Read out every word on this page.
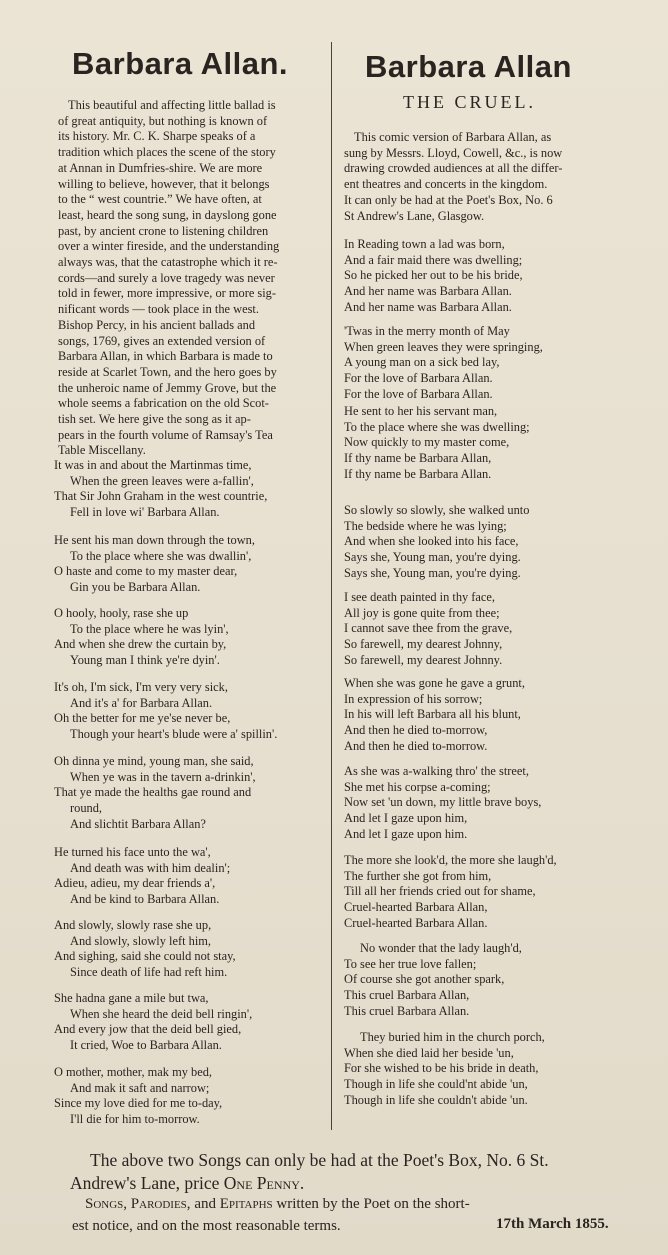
Barbara Allan.
This beautiful and affecting little ballad is
of great antiquity, but nothing is known of
its history. Mr. C. K. Sharpe speaks of a
tradition which places the scene of the story
at Annan in Dumfries-shire. We are more
willing to believe, however, that it belongs
to the “ west countrie.” We have often, at
least, heard the song sung, in dayslong gone
past, by ancient crone to listening children
over a winter fireside, and the understanding
always was, that the catastrophe which it re-
cords—and surely a love tragedy was never
told in fewer, more impressive, or more sig-
nificant words — took place in the west.
Bishop Percy, in his ancient ballads and
songs, 1769, gives an extended version of
Barbara Allan, in which Barbara is made to
reside at Scarlet Town, and the hero goes by
the unheroic name of Jemmy Grove, but the
whole seems a fabrication on the old Scot-
tish set. We here give the song as it ap-
pears in the fourth volume of Ramsay's Tea
Table Miscellany.
It was in and about the Martinmas time,
When the green leaves were a-fallin',
That Sir John Graham in the west countrie,
Fell in love wi' Barbara Allan.
He sent his man down through the town,
To the place where she was dwallin',
O haste and come to my master dear,
Gin you be Barbara Allan.
O hooly, hooly, rase she up
To the place where he was lyin',
And when she drew the curtain by,
Young man I think ye're dyin'.
It's oh, I'm sick, I'm very very sick,
And it's a' for Barbara Allan.
Oh the better for me ye'se never be,
Though your heart's blude were a' spillin'.
Oh dinna ye mind, young man, she said,
When ye was in the tavern a-drinkin',
That ye made the healths gae round and
round,
And slichtit Barbara Allan?
He turned his face unto the wa',
And death was with him dealin';
Adieu, adieu, my dear friends a',
And be kind to Barbara Allan.
And slowly, slowly rase she up,
And slowly, slowly left him,
And sighing, said she could not stay,
Since death of life had reft him.
She hadna gane a mile but twa,
When she heard the deid bell ringin',
And every jow that the deid bell gied,
It cried, Woe to Barbara Allan.
O mother, mother, mak my bed,
And mak it saft and narrow;
Since my love died for me to-day,
I'll die for him to-morrow.
Barbara Allan
THE CRUEL.
This comic version of Barbara Allan, as
sung by Messrs. Lloyd, Cowell, &c., is now
drawing crowded audiences at all the differ-
ent theatres and concerts in the kingdom.
It can only be had at the Poet's Box, No. 6
St Andrew's Lane, Glasgow.
In Reading town a lad was born,
And a fair maid there was dwelling;
So he picked her out to be his bride,
And her name was Barbara Allan.
And her name was Barbara Allan.
'Twas in the merry month of May
When green leaves they were springing,
A young man on a sick bed lay,
For the love of Barbara Allan.
For the love of Barbara Allan.
He sent to her his servant man,
To the place where she was dwelling;
Now quickly to my master come,
If thy name be Barbara Allan,
If thy name be Barbara Allan.
So slowly so slowly, she walked unto
The bedside where he was lying;
And when she looked into his face,
Says she, Young man, you're dying.
Says she, Young man, you're dying.
I see death painted in thy face,
All joy is gone quite from thee;
I cannot save thee from the grave,
So farewell, my dearest Johnny,
So farewell, my dearest Johnny.
When she was gone he gave a grunt,
In expression of his sorrow;
In his will left Barbara all his blunt,
And then he died to-morrow,
And then he died to-morrow.
As she was a-walking thro' the street,
She met his corpse a-coming;
Now set 'un down, my little brave boys,
And let I gaze upon him,
And let I gaze upon him.
The more she look'd, the more she laugh'd,
The further she got from him,
Till all her friends cried out for shame,
Cruel-hearted Barbara Allan,
Cruel-hearted Barbara Allan.
No wonder that the lady laugh'd,
To see her true love fallen;
Of course she got another spark,
This cruel Barbara Allan,
This cruel Barbara Allan.
They buried him in the church porch,
When she died laid her beside 'un,
For she wished to be his bride in death,
Though in life she could'nt abide 'un,
Though in life she couldn't abide 'un.
The above two Songs can only be had at the Poet's Box, No. 6 St.
Andrew's Lane, price One Penny.
Songs, Parodies, and Epitaphs written by the Poet on the short-
est notice, and on the most reasonable terms.	17th March 1855.
